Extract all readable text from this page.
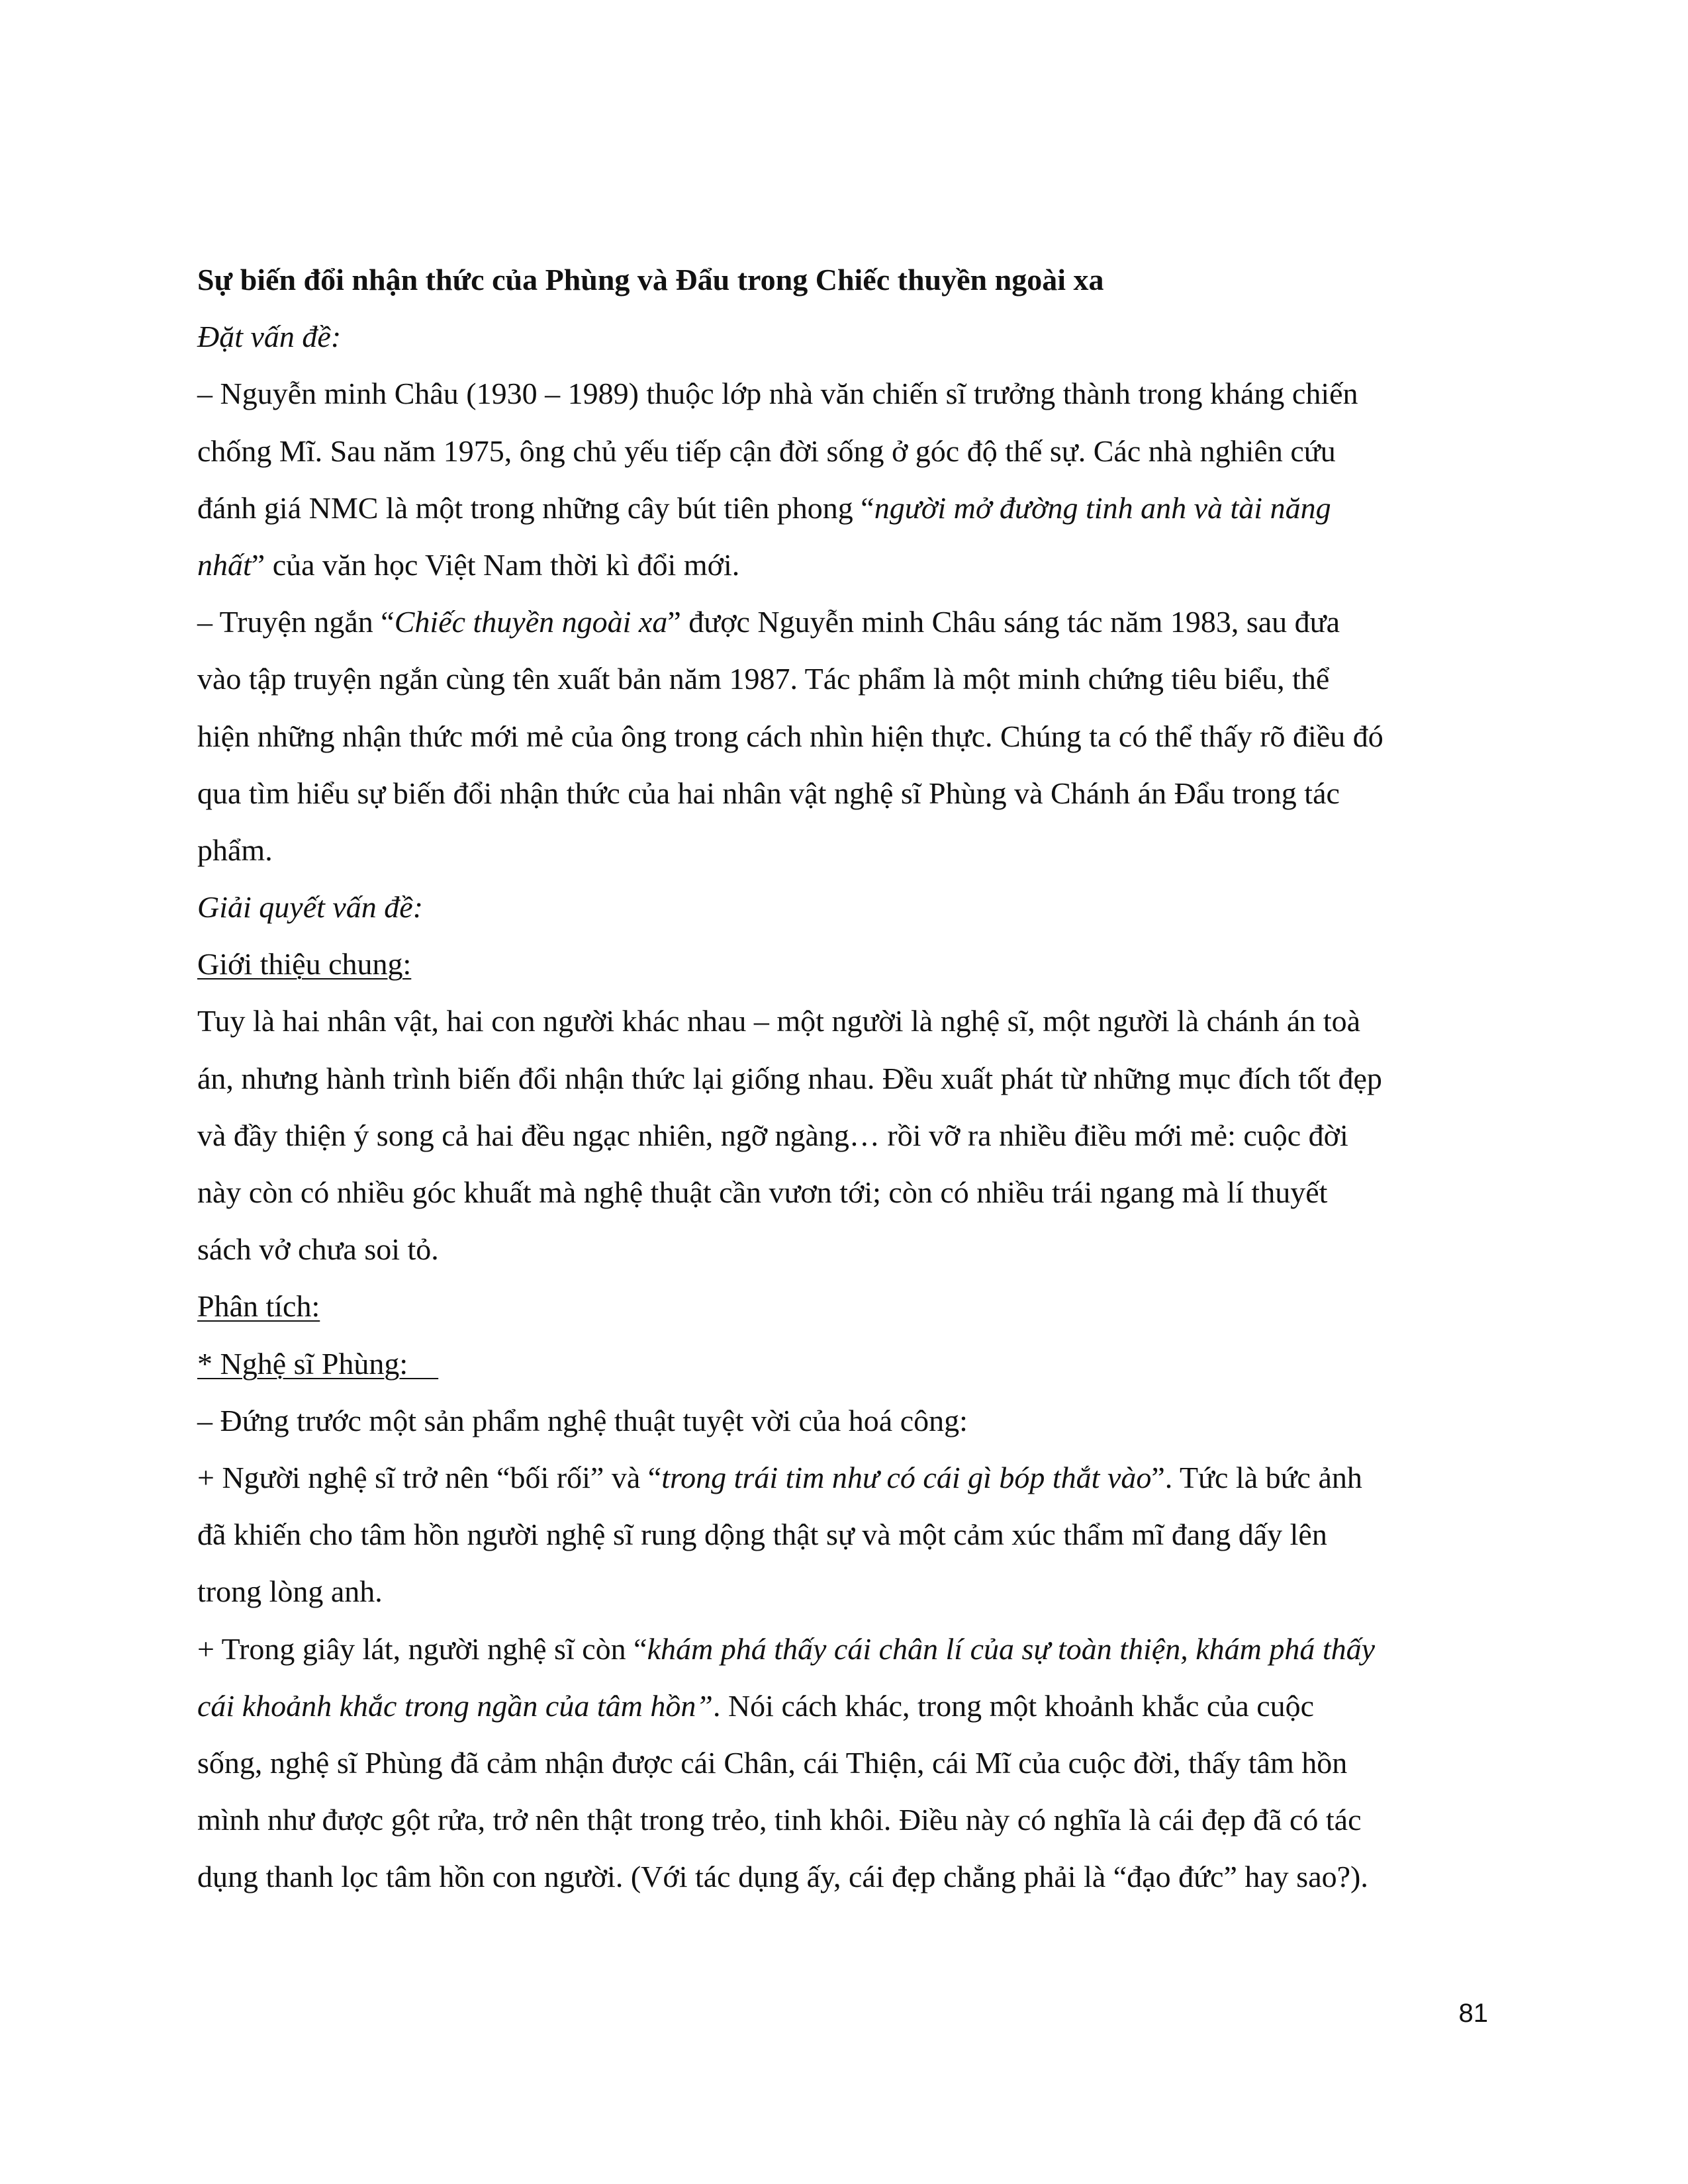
Sự biến đổi nhận thức của Phùng và Đẩu trong Chiếc thuyền ngoài xa
Đặt vấn đề:
– Nguyễn minh Châu (1930 – 1989) thuộc lớp nhà văn chiến sĩ trưởng thành trong kháng chiến
chống Mĩ. Sau năm 1975, ông chủ yếu tiếp cận đời sống ở góc độ thế sự. Các nhà nghiên cứu
đánh giá NMC là một trong những cây bút tiên phong “người mở đường tinh anh và tài năng
nhất” của văn học Việt Nam thời kì đổi mới.
– Truyện ngắn “Chiếc thuyền ngoài xa” được Nguyễn minh Châu sáng tác năm 1983, sau đưa
vào tập truyện ngắn cùng tên xuất bản năm 1987. Tác phẩm là một minh chứng tiêu biểu, thể
hiện những nhận thức mới mẻ của ông trong cách nhìn hiện thực. Chúng ta có thể thấy rõ điều đó
qua tìm hiểu sự biến đổi nhận thức của hai nhân vật nghệ sĩ Phùng và Chánh án Đẩu trong tác
phẩm.
Giải quyết vấn đề:
Giới thiệu chung:
Tuy là hai nhân vật, hai con người khác nhau – một người là nghệ sĩ, một người là chánh án toà
án, nhưng hành trình biến đổi nhận thức lại giống nhau. Đều xuất phát từ những mục đích tốt đẹp
và đầy thiện ý song cả hai đều ngạc nhiên, ngỡ ngàng… rồi vỡ ra nhiều điều mới mẻ: cuộc đời
này còn có nhiều góc khuất mà nghệ thuật cần vươn tới; còn có nhiều trái ngang mà lí thuyết
sách vở chưa soi tỏ.
Phân tích:
* Nghệ sĩ Phùng:
– Đứng trước một sản phẩm nghệ thuật tuyệt vời của hoá công:
+ Người nghệ sĩ trở nên “bối rối” và “trong trái tim như có cái gì bóp thắt vào”. Tức là bức ảnh
đã khiến cho tâm hồn người nghệ sĩ rung dộng thật sự và một cảm xúc thẩm mĩ đang dấy lên
trong lòng anh.
+ Trong giây lát, người nghệ sĩ còn “khám phá thấy cái chân lí của sự toàn thiện, khám phá thấy
cái khoảnh khắc trong ngần của tâm hồn”. Nói cách khác, trong một khoảnh khắc của cuộc
sống, nghệ sĩ Phùng đã cảm nhận được cái Chân, cái Thiện, cái Mĩ của cuộc đời, thấy tâm hồn
mình như được gột rửa, trở nên thật trong trẻo, tinh khôi. Điều này có nghĩa là cái đẹp đã có tác
dụng thanh lọc tâm hồn con người. (Với tác dụng ấy, cái đẹp chẳng phải là “đạo đức” hay sao?).
81
